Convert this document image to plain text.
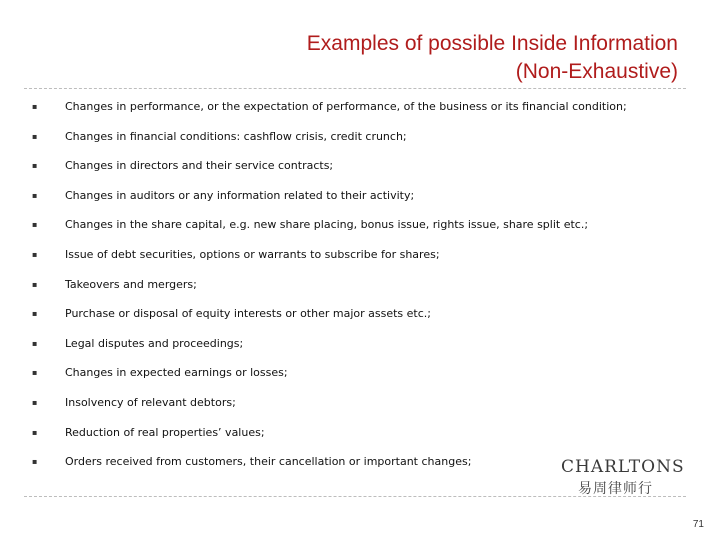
Examples of possible Inside Information
(Non-Exhaustive)
▪	Changes in performance, or the expectation of performance, of the business or its financial condition;
▪	Changes in financial conditions: cashflow crisis, credit crunch;
▪	Changes in directors and their service contracts;
▪	Changes in auditors or any information related to their activity;
▪	Changes in the share capital, e.g. new share placing, bonus issue, rights issue, share split etc.;
▪	Issue of debt securities, options or warrants to subscribe for shares;
▪	Takeovers and mergers;
▪	Purchase or disposal of equity interests or other major assets etc.;
▪	Legal disputes and proceedings;
▪	Changes in expected earnings or losses;
▪	Insolvency of relevant debtors;
▪	Reduction of real properties’ values;
▪	Orders received from customers, their cancellation or important changes;	CHARLTONS
易周律师行
71
